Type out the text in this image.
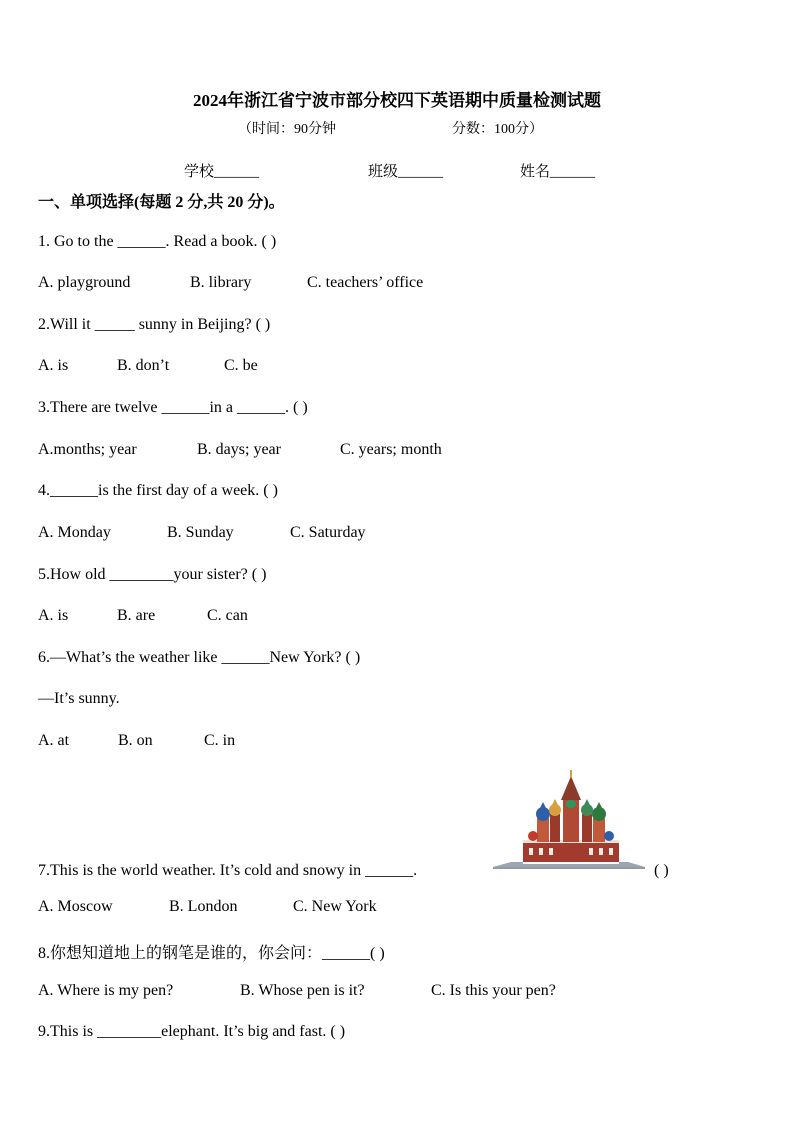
2024年浙江省宁波市部分校四下英语期中质量检测试题
（时间：90分钟	分数：100分）
学校______	班级______	姓名______
一、单项选择(每题 2 分,共 20 分)。
1. Go to the ______. Read a book. ( )
A. playground	B. library	C. teachers’ office
2.Will it _____ sunny in Beijing? ( )
A. is	B. don’t	C. be
3.There are twelve ______in a ______. ( )
A.months; year	B. days; year	C. years; month
4.______is the first day of a week. ( )
A. Monday	B. Sunday	C. Saturday
5.How old ________your sister? ( )
A. is	B. are	C. can
6.—What’s the weather like ______New York? ( )
—It’s sunny.
A. at	B. on	C. in
7.This is the world weather. It’s cold and snowy in ______.	( )
A. Moscow	B. London	C. New York
8.你想知道地上的钢笔是谁的，你会问：______( )
A. Where is my pen?	B. Whose pen is it?	C. Is this your pen?
9.This is ________elephant. It’s big and fast. ( )
